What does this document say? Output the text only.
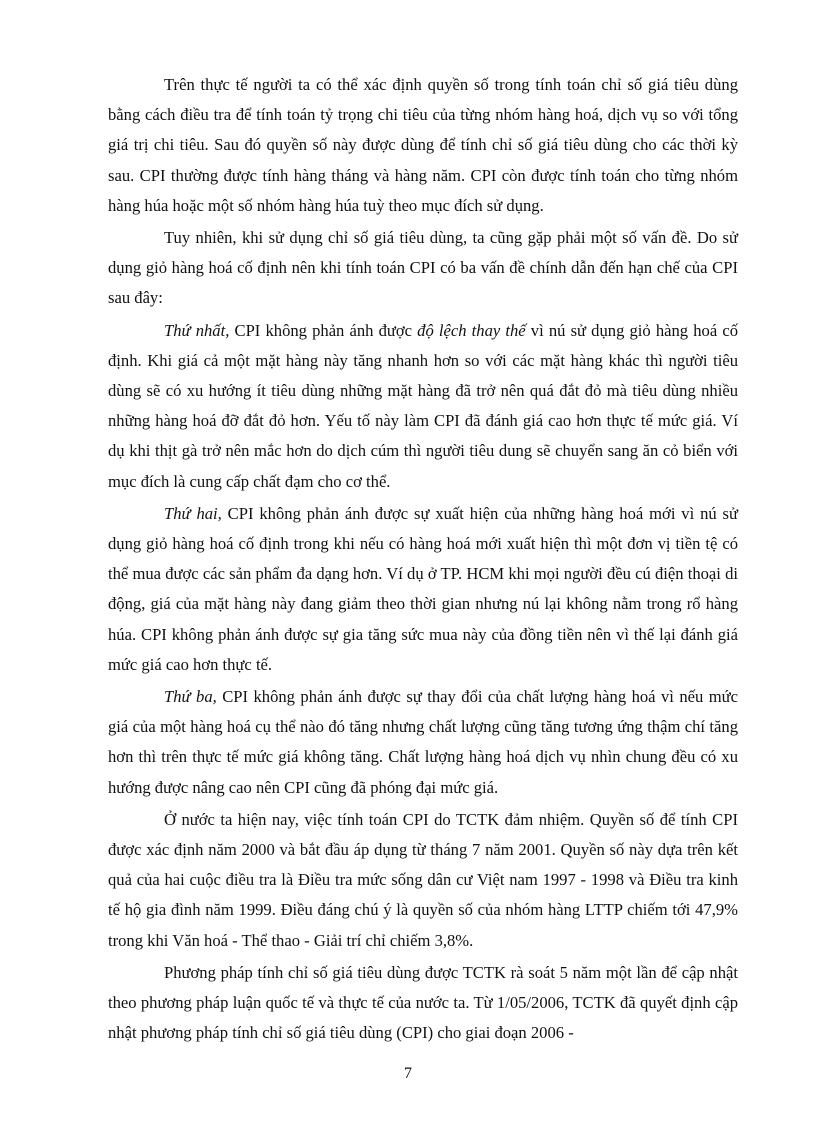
Trên thực tế người ta có thể xác định quyền số trong tính toán chỉ số giá tiêu dùng bằng cách điều tra để tính toán tỷ trọng chi tiêu của từng nhóm hàng hoá, dịch vụ so với tổng giá trị chi tiêu. Sau đó quyền số này được dùng để tính chỉ số giá tiêu dùng cho các thời kỳ sau. CPI thường được tính hàng tháng và hàng năm. CPI còn được tính toán cho từng nhóm hàng húa hoặc một số nhóm hàng húa tuỳ theo mục đích sử dụng.

Tuy nhiên, khi sử dụng chỉ số giá tiêu dùng, ta cũng gặp phải một số vấn đề. Do sử dụng giỏ hàng hoá cố định nên khi tính toán CPI có ba vấn đề chính dẫn đến hạn chế của CPI sau đây:

Thứ nhất, CPI không phản ánh được độ lệch thay thế vì nú sử dụng giỏ hàng hoá cố định. Khi giá cả một mặt hàng này tăng nhanh hơn so với các mặt hàng khác thì người tiêu dùng sẽ có xu hướng ít tiêu dùng những mặt hàng đã trở nên quá đắt đỏ mà tiêu dùng nhiều những hàng hoá đỡ đắt đỏ hơn. Yếu tố này làm CPI đã đánh giá cao hơn thực tế mức giá. Ví dụ khi thịt gà trở nên mắc hơn do dịch cúm thì người tiêu dung sẽ chuyển sang ăn cỏ biển với mục đích là cung cấp chất đạm cho cơ thể.

Thứ hai, CPI không phản ánh được sự xuất hiện của những hàng hoá mới vì nú sử dụng giỏ hàng hoá cố định trong khi nếu có hàng hoá mới xuất hiện thì một đơn vị tiền tệ có thể mua được các sản phẩm đa dạng hơn. Ví dụ ở TP. HCM khi mọi người đều cú điện thoại di động, giá của mặt hàng này đang giảm theo thời gian nhưng nú lại không nằm trong rổ hàng húa. CPI không phản ánh được sự gia tăng sức mua này của đồng tiền nên vì thế lại đánh giá mức giá cao hơn thực tế.

Thứ ba, CPI không phản ánh được sự thay đổi của chất lượng hàng hoá vì nếu mức giá của một hàng hoá cụ thể nào đó tăng nhưng chất lượng cũng tăng tương ứng thậm chí tăng hơn thì trên thực tế mức giá không tăng. Chất lượng hàng hoá dịch vụ nhìn chung đều có xu hướng được nâng cao nên CPI cũng đã phóng đại mức giá.

Ở nước ta hiện nay, việc tính toán CPI do TCTK đảm nhiệm. Quyền số để tính CPI được xác định năm 2000 và bắt đầu áp dụng từ tháng 7 năm 2001. Quyền số này dựa trên kết quả của hai cuộc điều tra là Điều tra mức sống dân cư Việt nam 1997 - 1998 và Điều tra kinh tế hộ gia đình năm 1999. Điều đáng chú ý là quyền số của nhóm hàng LTTP chiếm tới 47,9% trong khi Văn hoá - Thể thao - Giải trí chỉ chiếm 3,8%.

Phương pháp tính chỉ số giá tiêu dùng được TCTK rà soát 5 năm một lần để cập nhật theo phương pháp luận quốc tế và thực tế của nước ta. Từ 1/05/2006, TCTK đã quyết định cập nhật phương pháp tính chỉ số giá tiêu dùng (CPI) cho giai đoạn 2006 -

7
